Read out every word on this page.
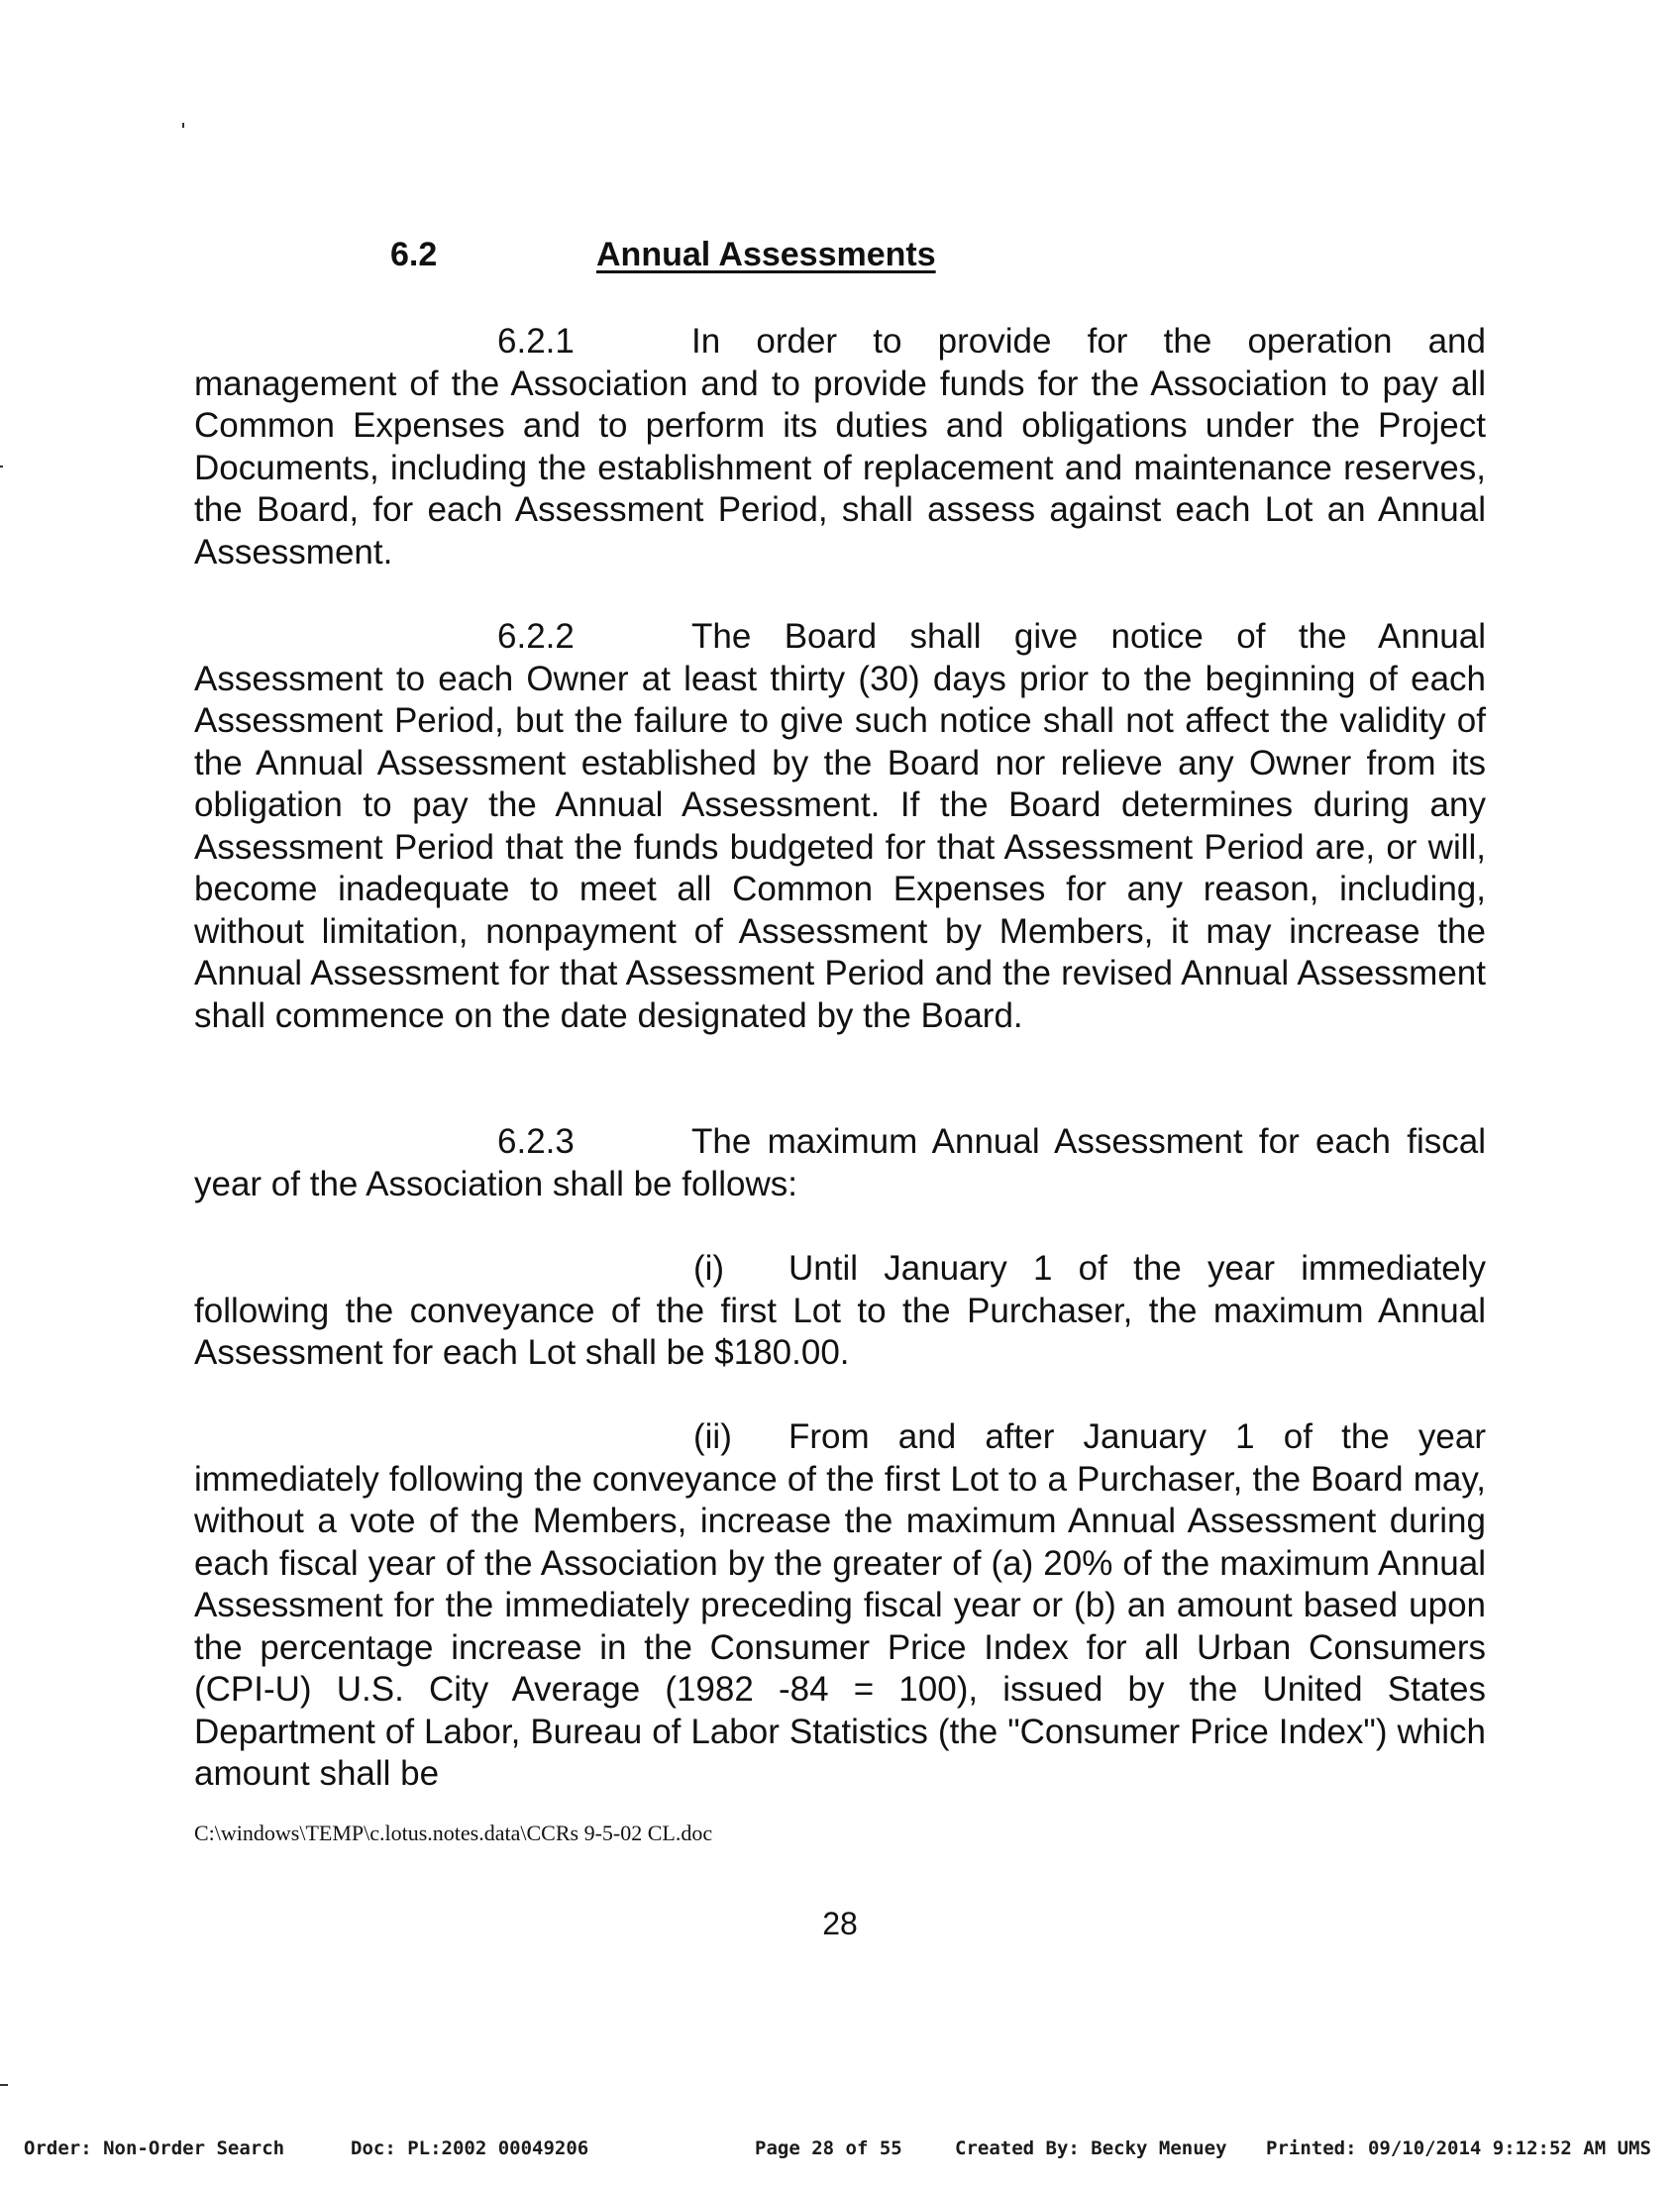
6.2	Annual Assessments

6.2.1	In order to provide for the operation and management of the Association and to provide funds for the Association to pay all Common Expenses and to perform its duties and obligations under the Project Documents, including the establishment of replacement and maintenance reserves, the Board, for each Assessment Period, shall assess against each Lot an Annual Assessment.

6.2.2	The Board shall give notice of the Annual Assessment to each Owner at least thirty (30) days prior to the beginning of each Assessment Period, but the failure to give such notice shall not affect the validity of the Annual Assessment established by the Board nor relieve any Owner from its obligation to pay the Annual Assessment. If the Board determines during any Assessment Period that the funds budgeted for that Assessment Period are, or will, become inadequate to meet all Common Expenses for any reason, including, without limitation, nonpayment of Assessment by Members, it may increase the Annual Assessment for that Assessment Period and the revised Annual Assessment shall commence on the date designated by the Board.

6.2.3	The maximum Annual Assessment for each fiscal year of the Association shall be follows:

(i) Until January 1 of the year immediately following the conveyance of the first Lot to the Purchaser, the maximum Annual Assessment for each Lot shall be $180.00.

(ii) From and after January 1 of the year immediately following the conveyance of the first Lot to a Purchaser, the Board may, without a vote of the Members, increase the maximum Annual Assessment during each fiscal year of the Association by the greater of (a) 20% of the maximum Annual Assessment for the immediately preceding fiscal year or (b) an amount based upon the percentage increase in the Consumer Price Index for all Urban Consumers (CPI-U) U.S. City Average (1982 -84 = 100), issued by the United States Department of Labor, Bureau of Labor Statistics (the "Consumer Price Index") which amount shall be

C:\windows\TEMP\c.lotus.notes.data\CCRs 9-5-02 CL.doc
28
Order: Non-Order Search	Doc: PL:2002 00049206	Page 28 of 55	Created By: Becky Menuey Printed: 09/10/2014 9:12:52 AM UMS
